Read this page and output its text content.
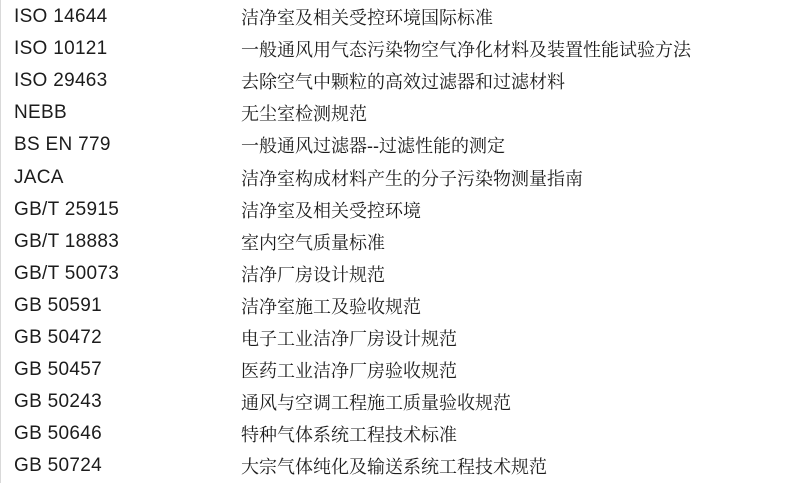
ISO 14644	洁净室及相关受控环境国际标准
ISO 10121	一般通风用气态污染物空气净化材料及装置性能试验方法
ISO 29463	去除空气中颗粒的高效过滤器和过滤材料
NEBB	无尘室检测规范
BS EN 779	一般通风过滤器--过滤性能的测定
JACA	洁净室构成材料产生的分子污染物测量指南
GB/T 25915	洁净室及相关受控环境
GB/T 18883	室内空气质量标准
GB/T 50073	洁净厂房设计规范
GB 50591	洁净室施工及验收规范
GB 50472	电子工业洁净厂房设计规范
GB 50457	医药工业洁净厂房验收规范
GB 50243	通风与空调工程施工质量验收规范
GB 50646	特种气体系统工程技术标准
GB 50724	大宗气体纯化及输送系统工程技术规范
